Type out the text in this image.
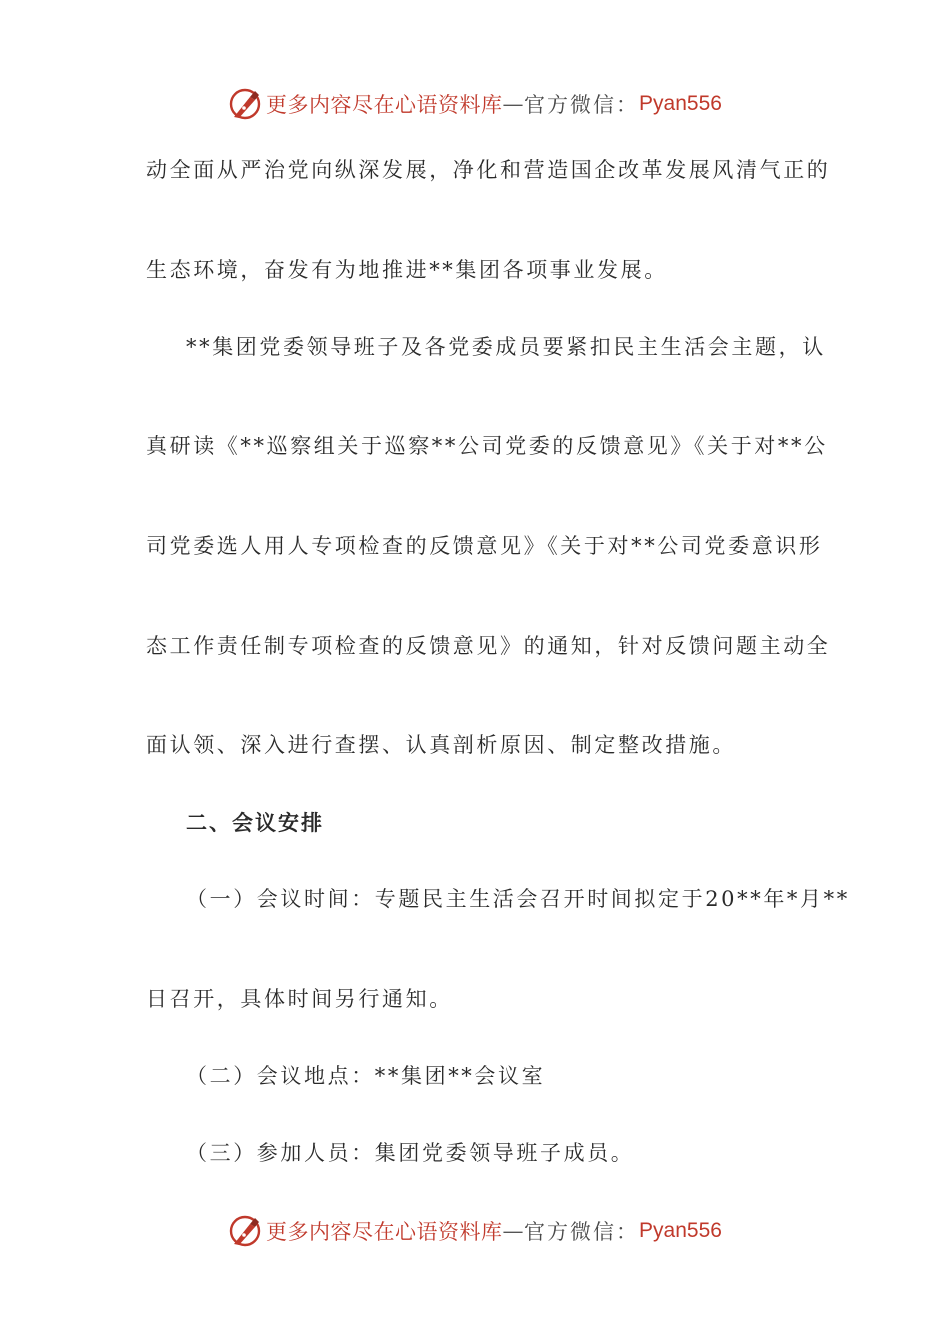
更多内容尽在心语资料库 — 官方微信： Pyan556
动全面从严治党向纵深发展，净化和营造国企改革发展风清气正的
生态环境，奋发有为地推进**集团各项事业发展。
**集团党委领导班子及各党委成员要紧扣民主生活会主题，认
真研读《**巡察组关于巡察**公司党委的反馈意见》《关于对**公
司党委选人用人专项检查的反馈意见》《关于对**公司党委意识形
态工作责任制专项检查的反馈意见》的通知，针对反馈问题主动全
面认领、深入进行查摆、认真剖析原因、制定整改措施。
二、会议安排
（一）会议时间：专题民主生活会召开时间拟定于20**年*月**
日召开，具体时间另行通知。
（二）会议地点：**集团**会议室
（三）参加人员：集团党委领导班子成员。
更多内容尽在心语资料库 — 官方微信： Pyan556
